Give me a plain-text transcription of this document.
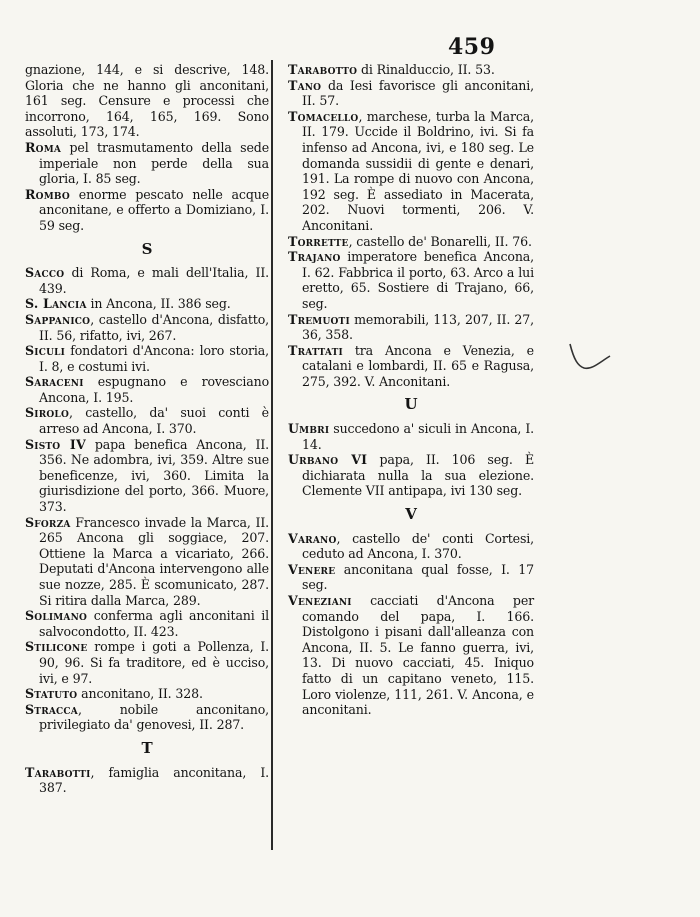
459

gnazione, 144, e si descrive, 148. Gloria che ne hanno gli anconitani, 161 seg. Censure e processi che incorrono, 164, 165, 169. Sono assoluti, 173, 174.

Roma pel trasmutamento della sede imperiale non perde della sua gloria, I. 85 seg.

Rombo enorme pescato nelle acque anconitane, e offerto a Domiziano, I. 59 seg.

S

Sacco di Roma, e mali dell'Italia, II. 439.

S. Lancia in Ancona, II. 386 seg.

Sappanico, castello d'Ancona, disfatto, II. 56, rifatto, ivi, 267.

Siculi fondatori d'Ancona: loro storia, I. 8, e costumi ivi.

Saraceni espugnano e rovesciano Ancona, I. 195.

Sirolo, castello, da' suoi conti è arreso ad Ancona, I. 370.

Sisto IV papa benefica Ancona, II. 356. Ne adombra, ivi, 359. Altre sue beneficenze, ivi, 360. Limita la giurisdizione del porto, 366. Muore, 373.

Sforza Francesco invade la Marca, II. 265 Ancona gli soggiace, 207. Ottiene la Marca a vicariato, 266. Deputati d'Ancona intervengono alle sue nozze, 285. È scomunicato, 287. Si ritira dalla Marca, 289.

Solimano conferma agli anconitani il salvocondotto, II. 423.

Stilicone rompe i goti a Pollenza, I. 90, 96. Si fa traditore, ed è ucciso, ivi, e 97.

Statuto anconitano, II. 328.

Stracca, nobile anconitano, privilegiato da' genovesi, II. 287.

T

Tarabotti, famiglia anconitana, I. 387.

Tarabotto di Rinalduccio, II. 53.

Tano da Iesi favorisce gli anconitani, II. 57.

Tomacello, marchese, turba la Marca, II. 179. Uccide il Boldrino, ivi. Si fa infenso ad Ancona, ivi, e 180 seg. Le domanda sussidii di gente e denari, 191. La rompe di nuovo con Ancona, 192 seg. È assediato in Macerata, 202. Nuovi tormenti, 206. V. Anconitani.

Torrette, castello de' Bonarelli, II. 76.

Trajano imperatore benefica Ancona, I. 62. Fabbrica il porto, 63. Arco a lui eretto, 65. Sostiere di Trajano, 66, seg.

Tremuoti memorabili, 113, 207, II. 27, 36, 358.

Trattati tra Ancona e Venezia, e catalani e lombardi, II. 65 e Ragusa, 275, 392. V. Anconitani.

U

Umbri succedono a' siculi in Ancona, I. 14.

Urbano VI papa, II. 106 seg. È dichiarata nulla la sua elezione. Clemente VII antipapa, ivi 130 seg.

V

Varano, castello de' conti Cortesi, ceduto ad Ancona, I. 370.

Venere anconitana qual fosse, I. 17 seg.

Veneziani cacciati d'Ancona per comando del papa, I. 166. Distolgono i pisani dall'alleanza con Ancona, II. 5. Le fanno guerra, ivi, 13. Di nuovo cacciati, 45. Iniquo fatto di un capitano veneto, 115. Loro violenze, 111, 261. V. Ancona, e anconitani.
